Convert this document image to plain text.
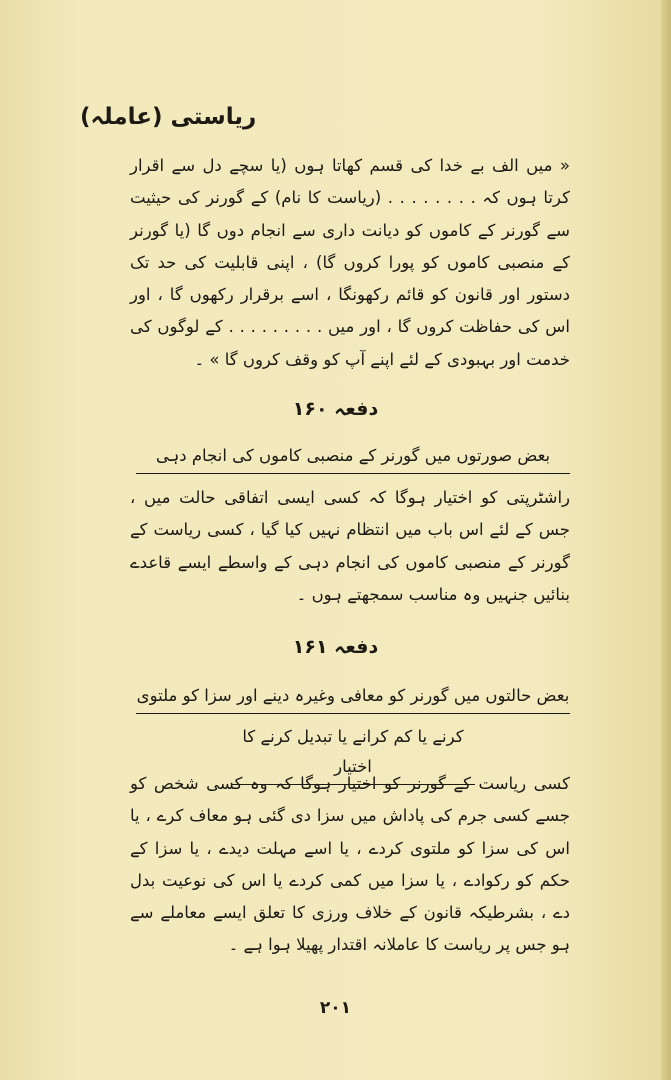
ریاستی (عاملہ)

« میں الف بے خدا کی قسم کھاتا ہوں (یا سچے دل سے اقرار کرتا ہوں کہ . . . . . . . . (ریاست کا نام) کے گورنر کی حیثیت سے گورنر کے کاموں کو دیانت داری سے انجام دوں گا (یا گورنر کے منصبی کاموں کو پورا کروں گا) ، اپنی قابلیت کی حد تک دستور اور قانون کو قائم رکھونگا ، اسے برقرار رکھوں گا ، اور اس کی حفاظت کروں گا ، اور میں . . . . . . . . . کے لوگوں کی خدمت اور بہبودی کے لئے اپنے آپ کو وقف کروں گا » ۔

دفعہ ۱۶۰
بعض صورتوں میں گورنر کے منصبی کاموں کی انجام دہی

راشٹرپتی کو اختیار ہوگا کہ کسی ایسی اتفاقی حالت میں ، جس کے لئے اس باب میں انتظام نہیں کیا گیا ، کسی ریاست کے گورنر کے منصبی کاموں کی انجام دہی کے واسطے ایسے قاعدے بنائیں جنہیں وہ مناسب سمجھتے ہوں ۔

دفعہ ۱۶۱
بعض حالتوں میں گورنر کو معافی وغیرہ دینے اور سزا کو ملتوی
کرنے یا کم کرانے یا تبدیل کرنے کا اختیار

کسی ریاست کے گورنر کو اختیار ہوگا کہ وہ کسی شخص کو جسے کسی جرم کی پاداش میں سزا دی گئی ہو معاف کرے ، یا اس کی سزا کو ملتوی کردے ، یا اسے مہلت دیدے ، یا سزا کے حکم کو رکوادے ، یا سزا میں کمی کردے یا اس کی نوعیت بدل دے ، بشرطیکہ قانون کے خلاف ورزی کا تعلق ایسے معاملے سے ہو جس پر ریاست کا عاملانہ اقتدار پھیلا ہوا ہے ۔

۲۰۱
